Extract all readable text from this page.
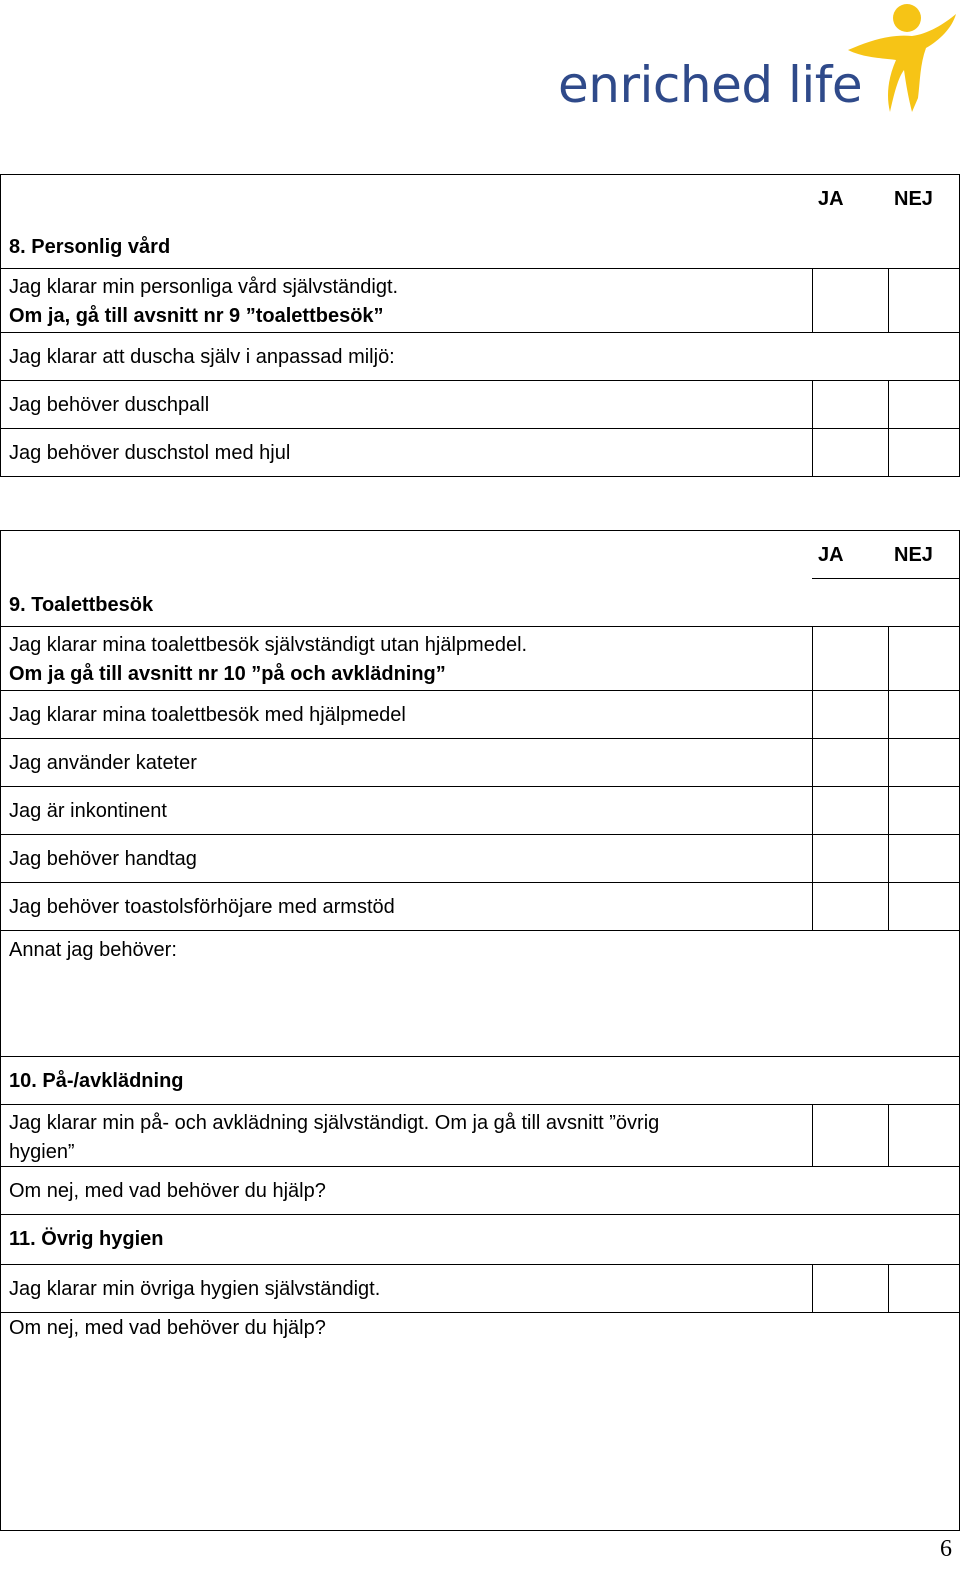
enriched life
JA	NEJ
8. Personlig vård
Jag klarar min personliga vård självständigt.
Om ja, gå till avsnitt nr 9 ”toalettbesök”
Jag klarar att duscha själv i anpassad miljö:
Jag behöver duschpall
Jag behöver duschstol med hjul
JA	NEJ
9. Toalettbesök
Jag klarar mina toalettbesök självständigt utan hjälpmedel.
Om ja gå till avsnitt nr 10 ”på och avklädning”
Jag klarar mina toalettbesök med hjälpmedel
Jag använder kateter
Jag är inkontinent
Jag behöver handtag
Jag behöver toastolsförhöjare med armstöd
Annat jag behöver:
10. På-/avklädning
Jag klarar min på- och avklädning självständigt. Om ja gå till avsnitt ”övrig
hygien”
Om nej, med vad behöver du hjälp?
11. Övrig hygien
Jag klarar min övriga hygien självständigt.
Om nej, med vad behöver du hjälp?
6
